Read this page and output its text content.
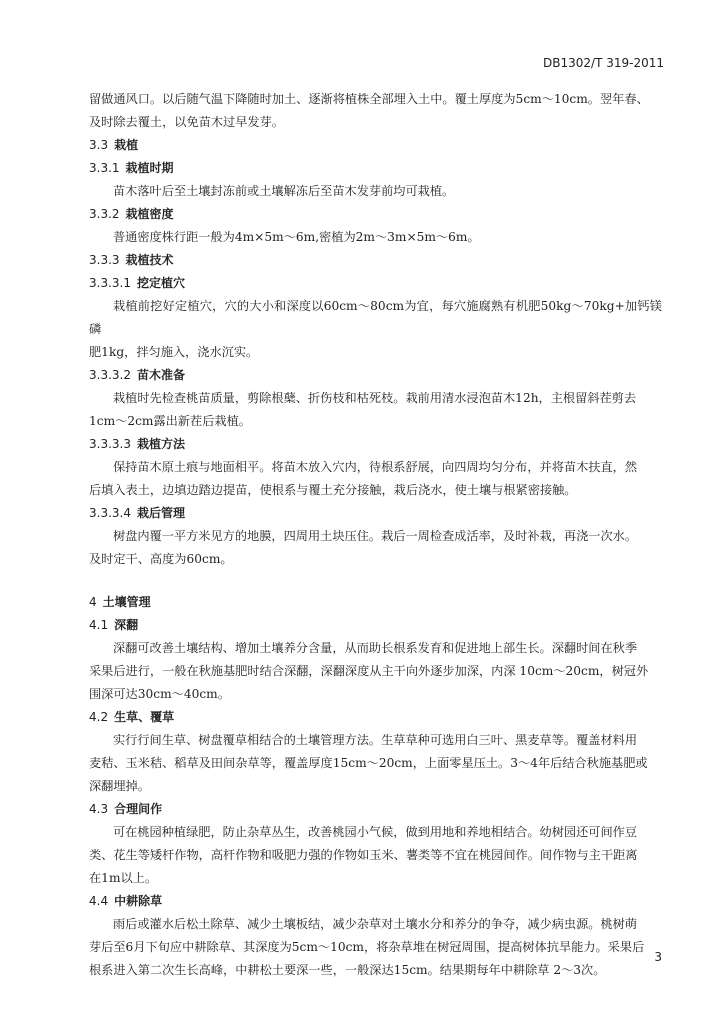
DB1302/T 319-2011

留做通风口。以后随气温下降随时加土、逐渐将植株全部埋入土中。覆土厚度为5cm～10cm。翌年春、

及时除去覆土，以免苗木过早发芽。

3.3 栽植

3.3.1 栽植时期

苗木落叶后至土壤封冻前或土壤解冻后至苗木发芽前均可栽植。

3.3.2 栽植密度

普通密度株行距一般为4m×5m～6m,密植为2m～3m×5m～6m。

3.3.3 栽植技术

3.3.3.1 挖定植穴

栽植前挖好定植穴，穴的大小和深度以60cm～80cm为宜，每穴施腐熟有机肥50kg～70kg+加钙镁磷

肥1kg，拌匀施入，浇水沉实。

3.3.3.2 苗木准备

栽植时先检查桃苗质量，剪除根蘖、折伤枝和枯死枝。栽前用清水浸泡苗木12h，主根留斜茬剪去

1cm～2cm露出新茬后栽植。

3.3.3.3 栽植方法

保持苗木原土痕与地面相平。将苗木放入穴内，待根系舒展，向四周均匀分布，并将苗木扶直，然

后填入表土，边填边踏边提苗，使根系与覆土充分接触，栽后浇水，使土壤与根紧密接触。

3.3.3.4 栽后管理

树盘内覆一平方米见方的地膜，四周用土块压住。栽后一周检查成活率，及时补栽，再浇一次水。

及时定干、高度为60cm。

4 土壤管理

4.1 深翻

深翻可改善土壤结构、增加土壤养分含量，从而助长根系发育和促进地上部生长。深翻时间在秋季

采果后进行，一般在秋施基肥时结合深翻，深翻深度从主干向外逐步加深，内深 10cm～20cm，树冠外

围深可达30cm～40cm。

4.2 生草、覆草

实行行间生草、树盘覆草相结合的土壤管理方法。生草草种可选用白三叶、黑麦草等。覆盖材料用

麦秸、玉米秸、稻草及田间杂草等，覆盖厚度15cm～20cm，上面零星压土。3～4年后结合秋施基肥或

深翻埋掉。

4.3 合理间作

可在桃园种植绿肥，防止杂草丛生，改善桃园小气候，做到用地和养地相结合。幼树园还可间作豆

类、花生等矮杆作物，高杆作物和吸肥力强的作物如玉米、薯类等不宜在桃园间作。间作物与主干距离

在1m以上。

4.4 中耕除草

雨后或灌水后松土除草、减少土壤板结，减少杂草对土壤水分和养分的争夺，减少病虫源。桃树萌

芽后至6月下旬应中耕除草、其深度为5cm～10cm，将杂草堆在树冠周围，提高树体抗旱能力。采果后

根系进入第二次生长高峰，中耕松土要深一些，一般深达15cm。结果期每年中耕除草 2～3次。

3
